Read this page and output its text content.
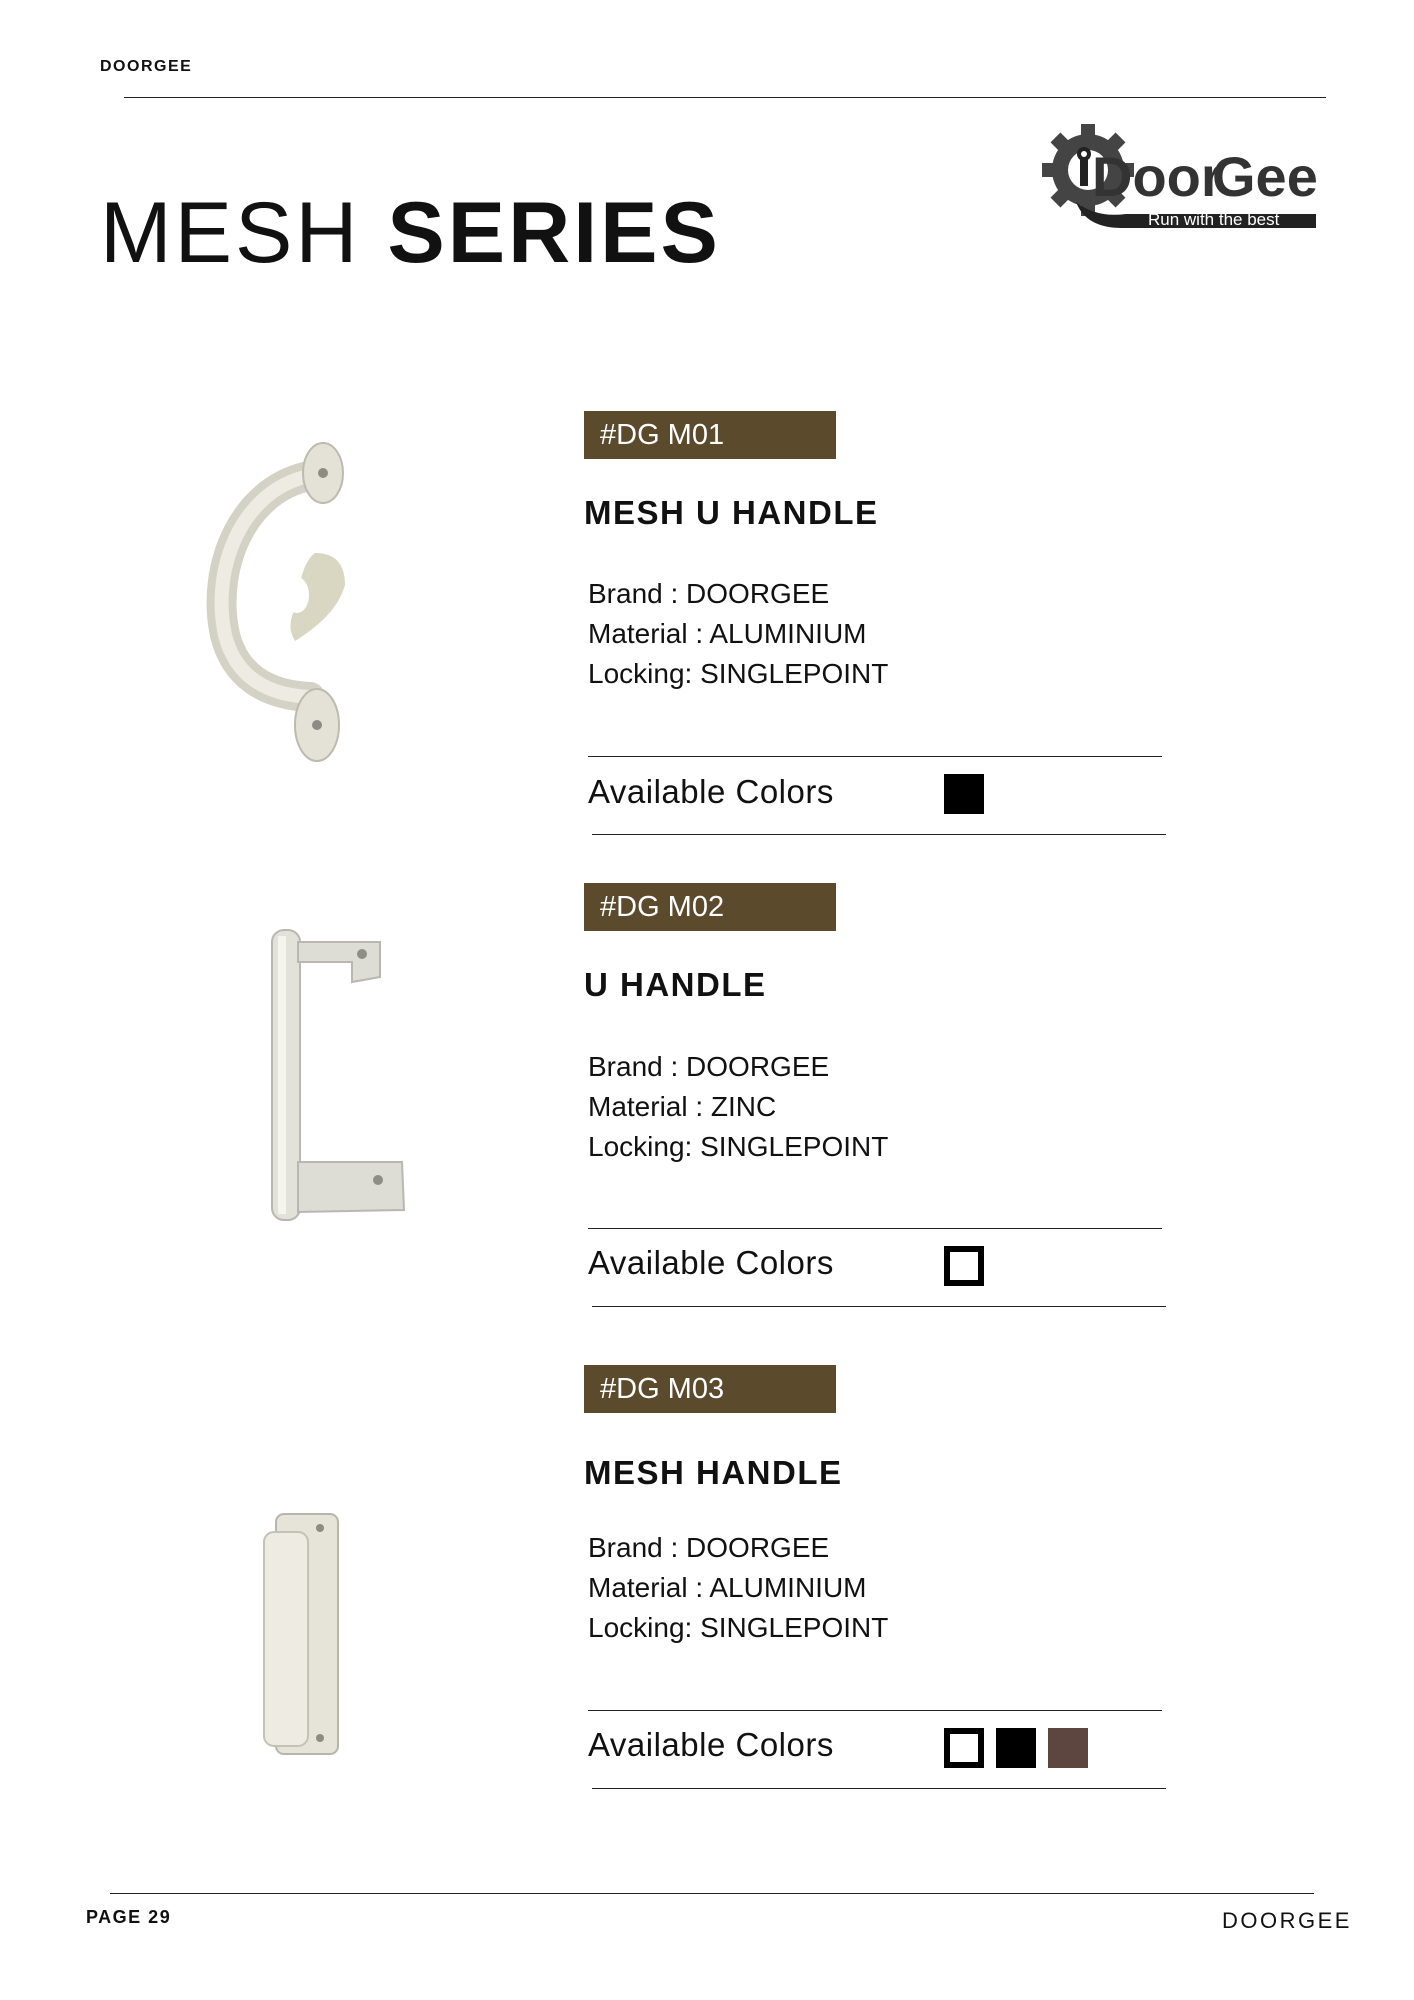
DOORGEE
MESH SERIES
Door
Gee
Run with the best
#DG M01
MESH U HANDLE
Brand : DOORGEE
Material : ALUMINIUM
Locking: SINGLEPOINT
Available Colors
#DG M02
U HANDLE
Brand : DOORGEE
Material : ZINC
Locking: SINGLEPOINT
Available Colors
#DG M03
MESH HANDLE
Brand : DOORGEE
Material : ALUMINIUM
Locking: SINGLEPOINT
Available Colors
PAGE 29	DOORGEE
